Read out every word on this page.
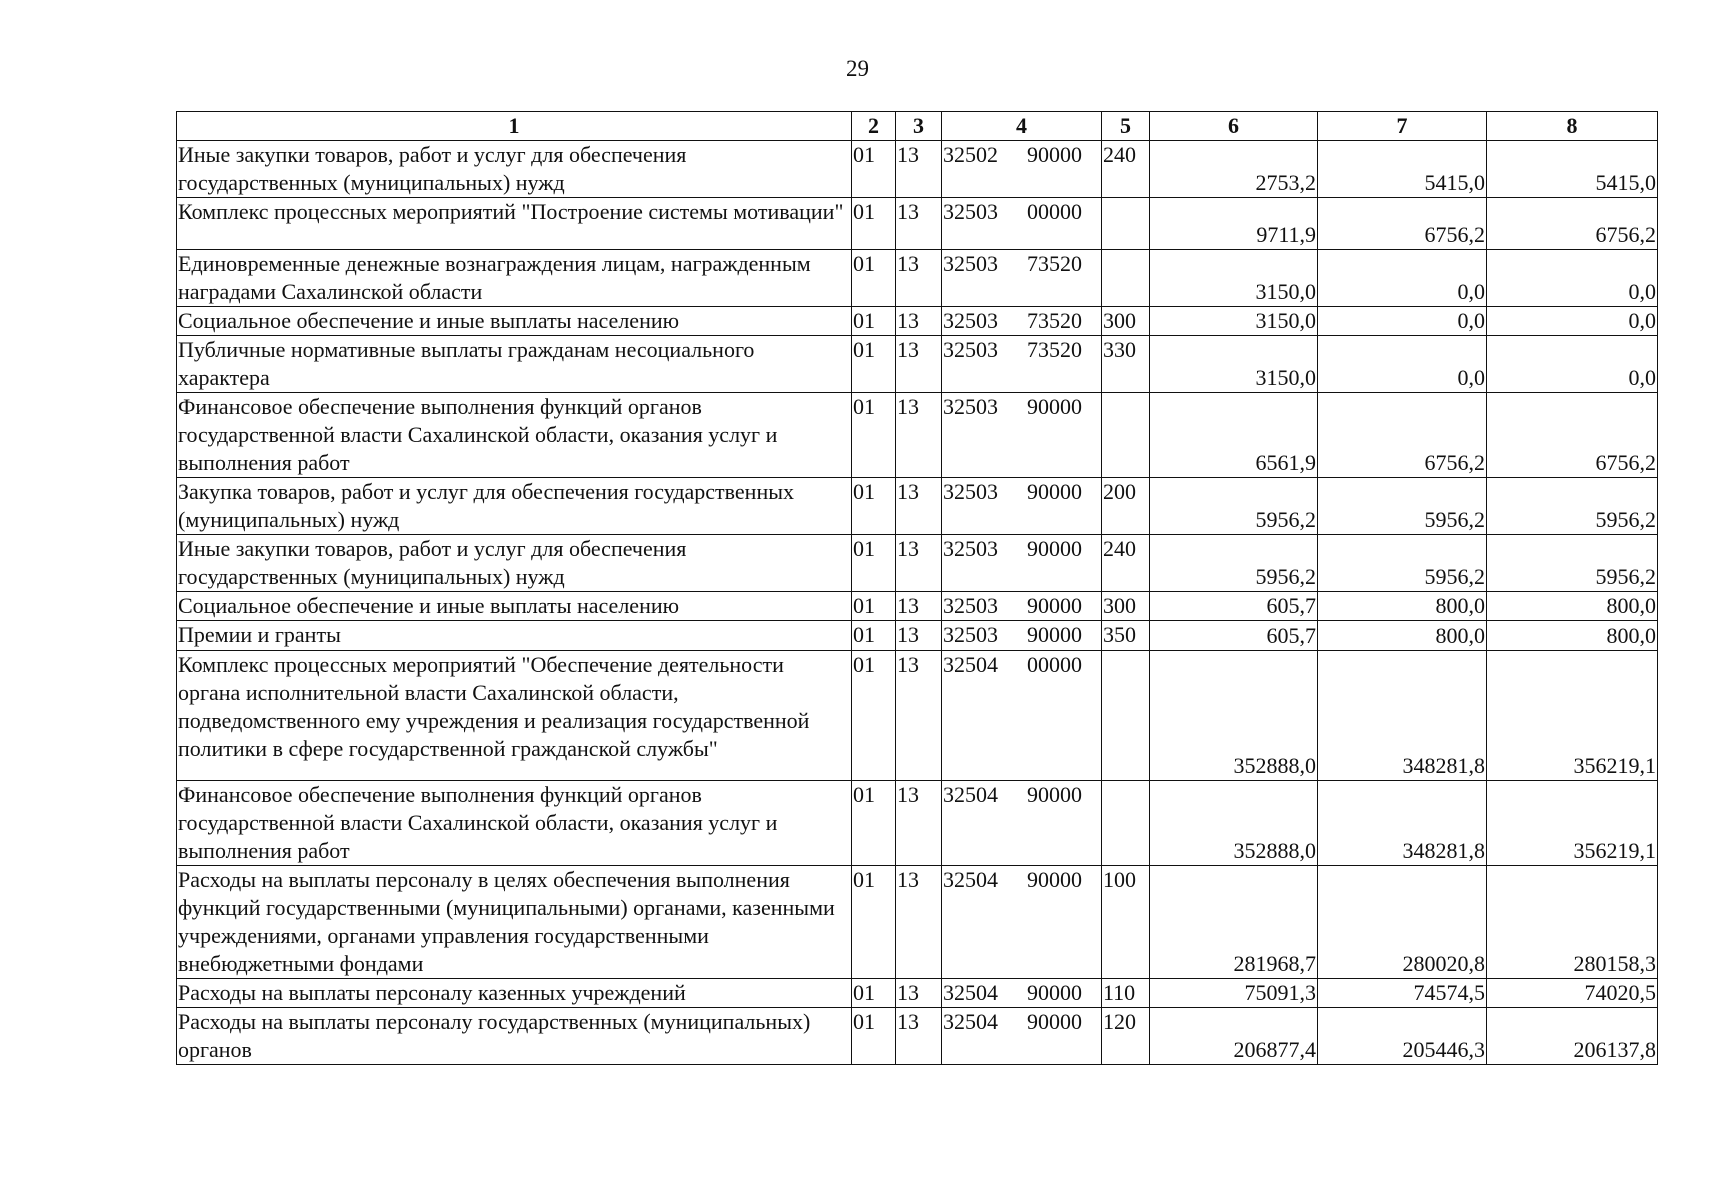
29
1	2	3	4	5	6	7	8
Иные закупки товаров, работ и услуг для обеспечения государственных (муниципальных) нужд	01	13	32502 90000	240	2753,2	5415,0	5415,0
Комплекс процессных мероприятий "Построение системы мотивации"	01	13	32503 00000		9711,9	6756,2	6756,2
Единовременные денежные вознаграждения лицам, награжденным наградами Сахалинской области	01	13	32503 73520		3150,0	0,0	0,0
Социальное обеспечение и иные выплаты населению	01	13	32503 73520	300	3150,0	0,0	0,0
Публичные нормативные выплаты гражданам несоциального характера	01	13	32503 73520	330	3150,0	0,0	0,0
Финансовое обеспечение выполнения функций органов государственной власти Сахалинской области, оказания услуг и выполнения работ	01	13	32503 90000		6561,9	6756,2	6756,2
Закупка товаров, работ и услуг для обеспечения государственных (муниципальных) нужд	01	13	32503 90000	200	5956,2	5956,2	5956,2
Иные закупки товаров, работ и услуг для обеспечения государственных (муниципальных) нужд	01	13	32503 90000	240	5956,2	5956,2	5956,2
Социальное обеспечение и иные выплаты населению	01	13	32503 90000	300	605,7	800,0	800,0
Премии и гранты	01	13	32503 90000	350	605,7	800,0	800,0
Комплекс процессных мероприятий "Обеспечение деятельности органа исполнительной власти Сахалинской области, подведомственного ему учреждения и реализация государственной политики в сфере государственной гражданской службы"	01	13	32504 00000		352888,0	348281,8	356219,1
Финансовое обеспечение выполнения функций органов государственной власти Сахалинской области, оказания услуг и выполнения работ	01	13	32504 90000		352888,0	348281,8	356219,1
Расходы на выплаты персоналу в целях обеспечения выполнения функций государственными (муниципальными) органами, казенными учреждениями, органами управления государственными внебюджетными фондами	01	13	32504 90000	100	281968,7	280020,8	280158,3
Расходы на выплаты персоналу казенных учреждений	01	13	32504 90000	110	75091,3	74574,5	74020,5
Расходы на выплаты персоналу государственных (муниципальных) органов	01	13	32504 90000	120	206877,4	205446,3	206137,8
